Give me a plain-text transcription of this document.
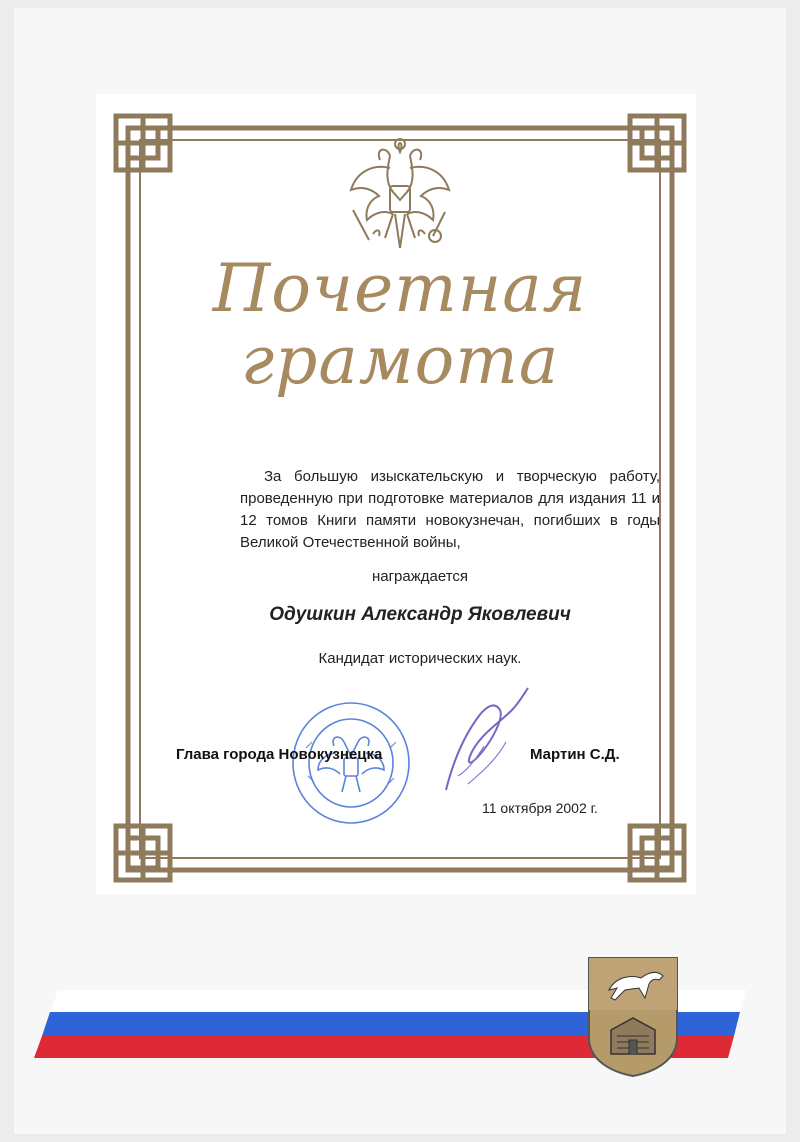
Почетная
грамота

За большую изыскательскую и творческую работу, проведенную при подготовке материалов для издания 11 и 12 томов Книги памяти новокузнечан, погибших в годы Великой Отечественной войны,

награждается
Одушкин Александр Яковлевич
Кандидат исторических наук.
Глава города Новокузнецка	Мартин С.Д.
11 октября 2002 г.
